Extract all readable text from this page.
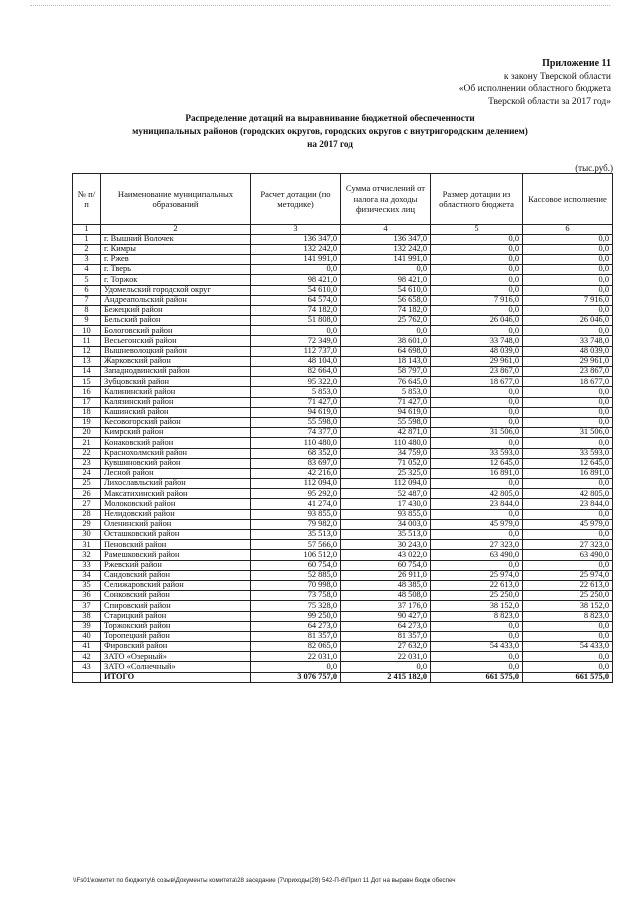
Приложение 11
к закону Тверской области
«Об исполнении областного бюджета
Тверской области за 2017 год»
Распределение дотаций на выравнивание бюджетной обеспеченности
муниципальных районов (городских округов, городских округов с внутригородским делением)
на 2017 год
(тыс.руб.)
№ п/п	Наименование муниципальных образований	Расчет дотации (по методике)	Сумма отчислений от налога на доходы физических лиц	Размер дотации из областного бюджета	Кассовое исполнение
1	2	3	4	5	6
1	г. Вышний Волочек	136 347,0	136 347,0	0,0	0,0
2	г. Кимры	132 242,0	132 242,0	0,0	0,0
3	г. Ржев	141 991,0	141 991,0	0,0	0,0
4	г. Тверь	0,0	0,0	0,0	0,0
5	г. Торжок	98 421,0	98 421,0	0,0	0,0
6	Удомельский городской округ	54 610,0	54 610,0	0,0	0,0
7	Андреапольский район	64 574,0	56 658,0	7 916,0	7 916,0
8	Бежецкий район	74 182,0	74 182,0	0,0	0,0
9	Бельский район	51 808,0	25 762,0	26 046,0	26 046,0
10	Бологовский район	0,0	0,0	0,0	0,0
11	Весьегонский район	72 349,0	38 601,0	33 748,0	33 748,0
12	Вышневолоцкий район	112 737,0	64 698,0	48 039,0	48 039,0
13	Жарковский район	48 104,0	18 143,0	29 961,0	29 961,0
14	Западнодвинский район	82 664,0	58 797,0	23 867,0	23 867,0
15	Зубцовский район	95 322,0	76 645,0	18 677,0	18 677,0
16	Калининский район	5 853,0	5 853,0	0,0	0,0
17	Калязинский район	71 427,0	71 427,0	0,0	0,0
18	Кашинский район	94 619,0	94 619,0	0,0	0,0
19	Кесовогорский район	55 598,0	55 598,0	0,0	0,0
20	Кимрский район	74 377,0	42 871,0	31 506,0	31 506,0
21	Конаковский район	110 480,0	110 480,0	0,0	0,0
22	Краснохолмский район	68 352,0	34 759,0	33 593,0	33 593,0
23	Кувшиновский район	83 697,0	71 052,0	12 645,0	12 645,0
24	Лесной район	42 216,0	25 325,0	16 891,0	16 891,0
25	Лихославльский район	112 094,0	112 094,0	0,0	0,0
26	Максатихинский район	95 292,0	52 487,0	42 805,0	42 805,0
27	Молоковский район	41 274,0	17 430,0	23 844,0	23 844,0
28	Нелидовский район	93 855,0	93 855,0	0,0	0,0
29	Оленинский район	79 982,0	34 003,0	45 979,0	45 979,0
30	Осташковский район	35 513,0	35 513,0	0,0	0,0
31	Пеновский район	57 566,0	30 243,0	27 323,0	27 323,0
32	Рамешковский район	106 512,0	43 022,0	63 490,0	63 490,0
33	Ржевский район	60 754,0	60 754,0	0,0	0,0
34	Сандовский район	52 885,0	26 911,0	25 974,0	25 974,0
35	Селижаровский район	70 998,0	48 385,0	22 613,0	22 613,0
36	Сонковский район	73 758,0	48 508,0	25 250,0	25 250,0
37	Спировский район	75 328,0	37 176,0	38 152,0	38 152,0
38	Старицкий район	99 250,0	90 427,0	8 823,0	8 823,0
39	Торжокский район	64 273,0	64 273,0	0,0	0,0
40	Торопецкий район	81 357,0	81 357,0	0,0	0,0
41	Фировский район	82 065,0	27 632,0	54 433,0	54 433,0
42	ЗАТО «Озерный»	22 031,0	22 031,0	0,0	0,0
43	ЗАТО «Солнечный»	0,0	0,0	0,0	0,0
	ИТОГО	3 076 757,0	2 415 182,0	661 575,0	661 575,0
\\Fs01\комитет по бюджету\6 созыв\Документы комитета\28 заседание (7\приходы(28) 542-П-6\Прил 11 Дот на выравн бюдж обеспеч
